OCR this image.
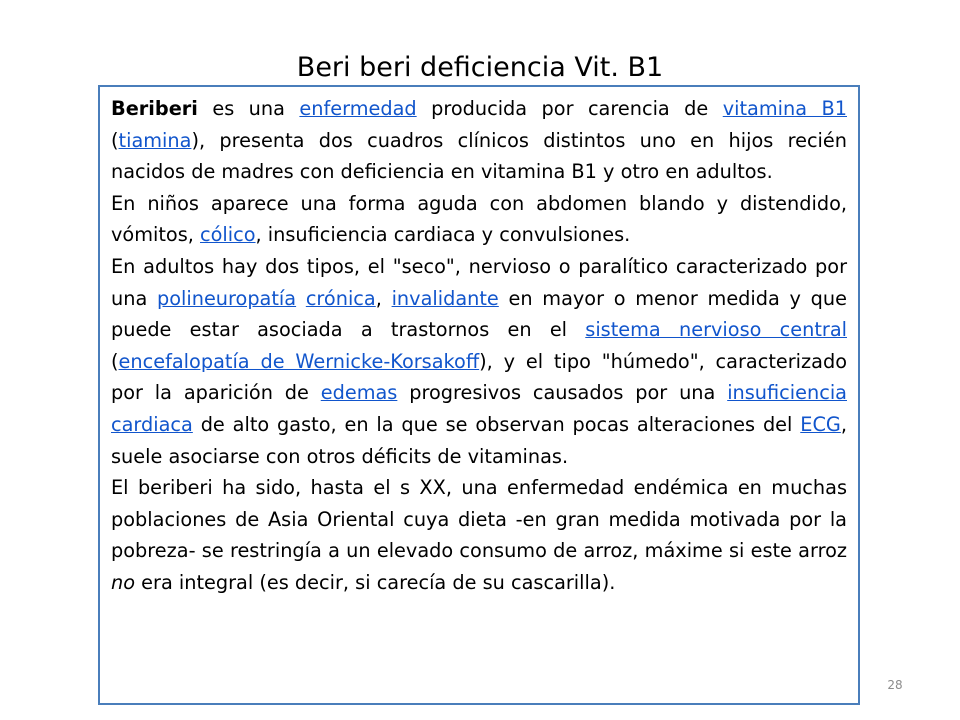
Beri beri deficiencia Vit. B1

Beriberi es una enfermedad producida por carencia de vitamina B1 (tiamina), presenta dos cuadros clínicos distintos uno en hijos recién nacidos de madres con deficiencia en vitamina B1 y otro en adultos.

En niños aparece una forma aguda con abdomen blando y distendido, vómitos, cólico, insuficiencia cardiaca y convulsiones.

En adultos hay dos tipos, el "seco", nervioso o paralítico caracterizado por una polineuropatía crónica, invalidante en mayor o menor medida y que puede estar asociada a trastornos en el sistema nervioso central (encefalopatía de Wernicke-Korsakoff), y el tipo "húmedo", caracterizado por la aparición de edemas progresivos causados por una insuficiencia cardiaca de alto gasto, en la que se observan pocas alteraciones del ECG, suele asociarse con otros déficits de vitaminas.

El beriberi ha sido, hasta el s XX, una enfermedad endémica en muchas poblaciones de Asia Oriental cuya dieta -en gran medida motivada por la pobreza- se restringía a un elevado consumo de arroz, máxime si este arroz no era integral (es decir, si carecía de su cascarilla).

28
